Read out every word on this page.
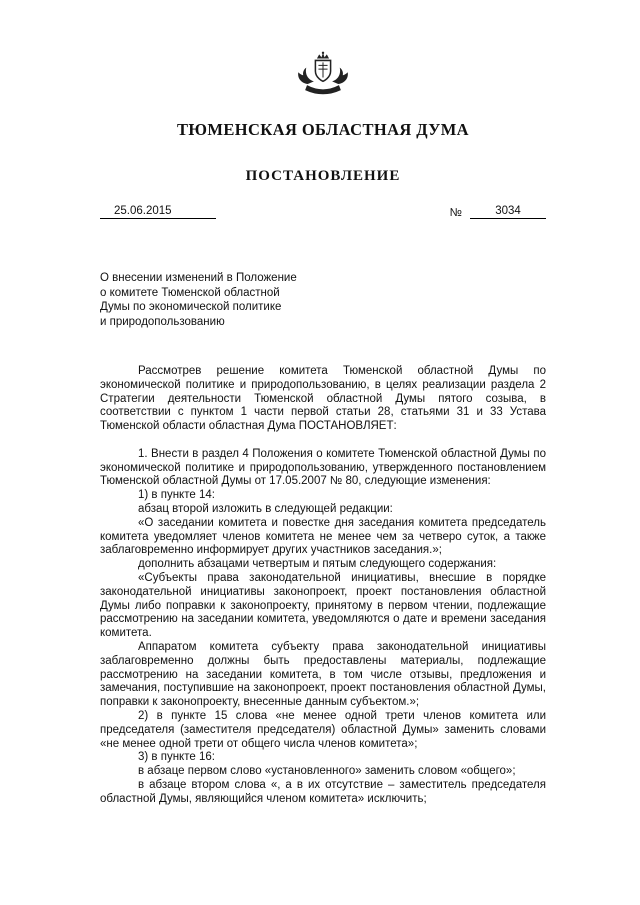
ТЮМЕНСКАЯ ОБЛАСТНАЯ ДУМА
ПОСТАНОВЛЕНИЕ
25.06.2015	№	3034
О внесении изменений в Положение
о комитете Тюменской областной
Думы по экономической политике
и природопользованию

Рассмотрев решение комитета Тюменской областной Думы по экономической политике и природопользованию, в целях реализации раздела 2 Стратегии деятельности Тюменской областной Думы пятого созыва, в соответствии с пунктом 1 части первой статьи 28, статьями 31 и 33 Устава Тюменской области областная Дума ПОСТАНОВЛЯЕТ:

1. Внести в раздел 4 Положения о комитете Тюменской областной Думы по экономической политике и природопользованию, утвержденного постановлением Тюменской областной Думы от 17.05.2007 № 80, следующие изменения:

1) в пункте 14:

абзац второй изложить в следующей редакции:

«О заседании комитета и повестке дня заседания комитета председатель комитета уведомляет членов комитета не менее чем за четверо суток, а также заблаговременно информирует других участников заседания.»;

дополнить абзацами четвертым и пятым следующего содержания:

«Субъекты права законодательной инициативы, внесшие в порядке законодательной инициативы законопроект, проект постановления областной Думы либо поправки к законопроекту, принятому в первом чтении, подлежащие рассмотрению на заседании комитета, уведомляются о дате и времени заседания комитета.

Аппаратом комитета субъекту права законодательной инициативы заблаговременно должны быть предоставлены материалы, подлежащие рассмотрению на заседании комитета, в том числе отзывы, предложения и замечания, поступившие на законопроект, проект постановления областной Думы, поправки к законопроекту, внесенные данным субъектом.»;

2) в пункте 15 слова «не менее одной трети членов комитета или председателя (заместителя председателя) областной Думы» заменить словами «не менее одной трети от общего числа членов комитета»;

3) в пункте 16:

в абзаце первом слово «установленного» заменить словом «общего»;

в абзаце втором слова «, а в их отсутствие – заместитель председателя областной Думы, являющийся членом комитета» исключить;
